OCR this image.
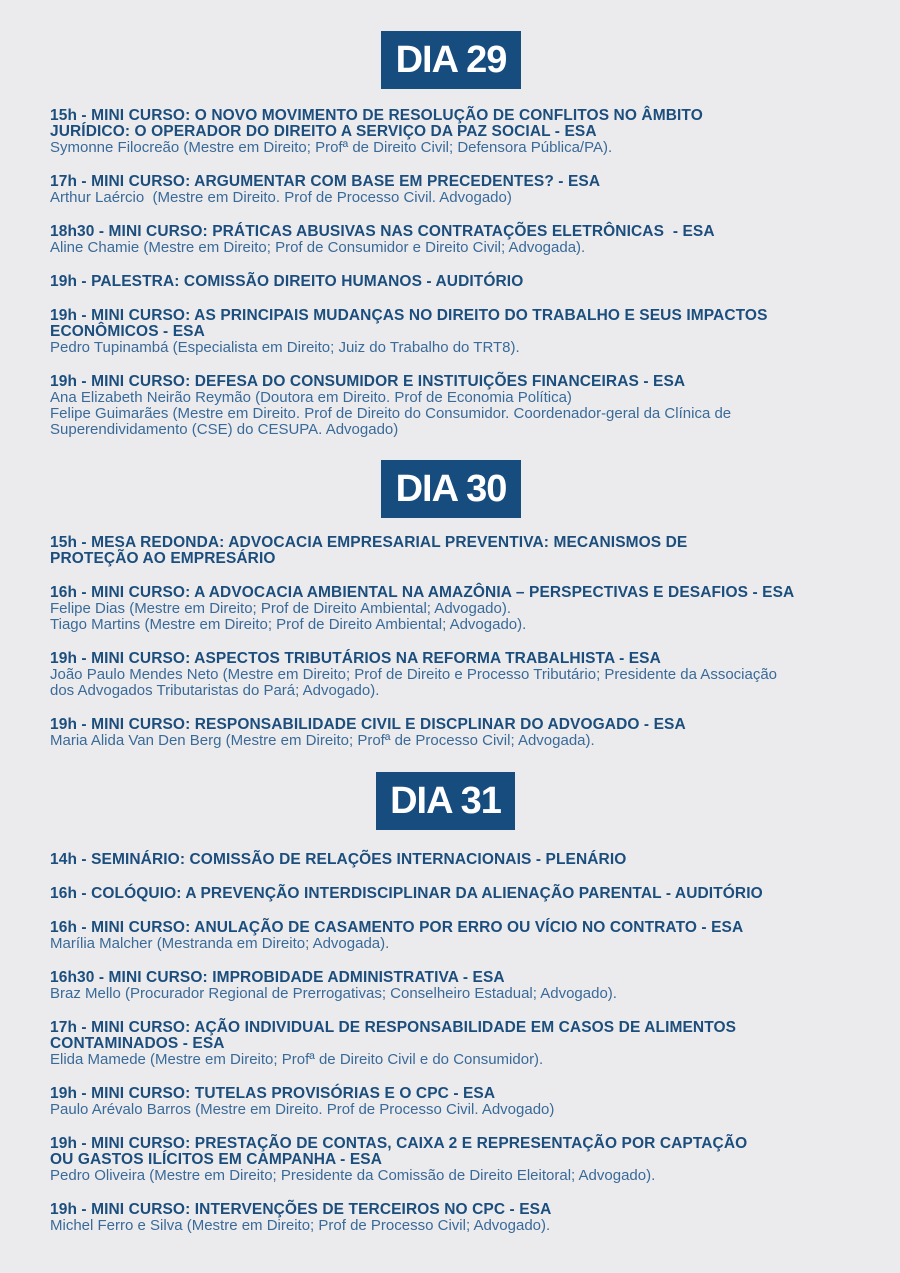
DIA 29
15h - MINI CURSO: O NOVO MOVIMENTO DE RESOLUÇÃO DE CONFLITOS NO ÂMBITO
JURÍDICO: O OPERADOR DO DIREITO A SERVIÇO DA PAZ SOCIAL - ESA
Symonne Filocreão (Mestre em Direito; Profª de Direito Civil; Defensora Pública/PA).
17h - MINI CURSO: ARGUMENTAR COM BASE EM PRECEDENTES? - ESA
Arthur Laércio  (Mestre em Direito. Prof de Processo Civil. Advogado)
18h30 - MINI CURSO: PRÁTICAS ABUSIVAS NAS CONTRATAÇÕES ELETRÔNICAS  - ESA
Aline Chamie (Mestre em Direito; Prof de Consumidor e Direito Civil; Advogada).
19h - PALESTRA: COMISSÃO DIREITO HUMANOS - AUDITÓRIO
19h - MINI CURSO: AS PRINCIPAIS MUDANÇAS NO DIREITO DO TRABALHO E SEUS IMPACTOS
ECONÔMICOS - ESA
Pedro Tupinambá (Especialista em Direito; Juiz do Trabalho do TRT8).
19h - MINI CURSO: DEFESA DO CONSUMIDOR E INSTITUIÇÕES FINANCEIRAS - ESA
Ana Elizabeth Neirão Reymão (Doutora em Direito. Prof de Economia Política)
Felipe Guimarães (Mestre em Direito. Prof de Direito do Consumidor. Coordenador-geral da Clínica de
Superendividamento (CSE) do CESUPA. Advogado)
DIA 30
15h - MESA REDONDA: ADVOCACIA EMPRESARIAL PREVENTIVA: MECANISMOS DE
PROTEÇÃO AO EMPRESÁRIO
16h - MINI CURSO: A ADVOCACIA AMBIENTAL NA AMAZÔNIA – PERSPECTIVAS E DESAFIOS - ESA
Felipe Dias (Mestre em Direito; Prof de Direito Ambiental; Advogado).
Tiago Martins (Mestre em Direito; Prof de Direito Ambiental; Advogado).
19h - MINI CURSO: ASPECTOS TRIBUTÁRIOS NA REFORMA TRABALHISTA - ESA
João Paulo Mendes Neto (Mestre em Direito; Prof de Direito e Processo Tributário; Presidente da Associação
dos Advogados Tributaristas do Pará; Advogado).
19h - MINI CURSO: RESPONSABILIDADE CIVIL E DISCPLINAR DO ADVOGADO - ESA
Maria Alida Van Den Berg (Mestre em Direito; Profª de Processo Civil; Advogada).
DIA 31
14h - SEMINÁRIO: COMISSÃO DE RELAÇÕES INTERNACIONAIS - PLENÁRIO
16h - COLÓQUIO: A PREVENÇÃO INTERDISCIPLINAR DA ALIENAÇÃO PARENTAL - AUDITÓRIO
16h - MINI CURSO: ANULAÇÃO DE CASAMENTO POR ERRO OU VÍCIO NO CONTRATO - ESA
Marília Malcher (Mestranda em Direito; Advogada).
16h30 - MINI CURSO: IMPROBIDADE ADMINISTRATIVA - ESA
Braz Mello (Procurador Regional de Prerrogativas; Conselheiro Estadual; Advogado).
17h - MINI CURSO: AÇÃO INDIVIDUAL DE RESPONSABILIDADE EM CASOS DE ALIMENTOS
CONTAMINADOS - ESA
Elida Mamede (Mestre em Direito; Profª de Direito Civil e do Consumidor).
19h - MINI CURSO: TUTELAS PROVISÓRIAS E O CPC - ESA
Paulo Arévalo Barros (Mestre em Direito. Prof de Processo Civil. Advogado)
19h - MINI CURSO: PRESTAÇÃO DE CONTAS, CAIXA 2 E REPRESENTAÇÃO POR CAPTAÇÃO
OU GASTOS ILÍCITOS EM CAMPANHA - ESA
Pedro Oliveira (Mestre em Direito; Presidente da Comissão de Direito Eleitoral; Advogado).
19h - MINI CURSO: INTERVENÇÕES DE TERCEIROS NO CPC - ESA
Michel Ferro e Silva (Mestre em Direito; Prof de Processo Civil; Advogado).
